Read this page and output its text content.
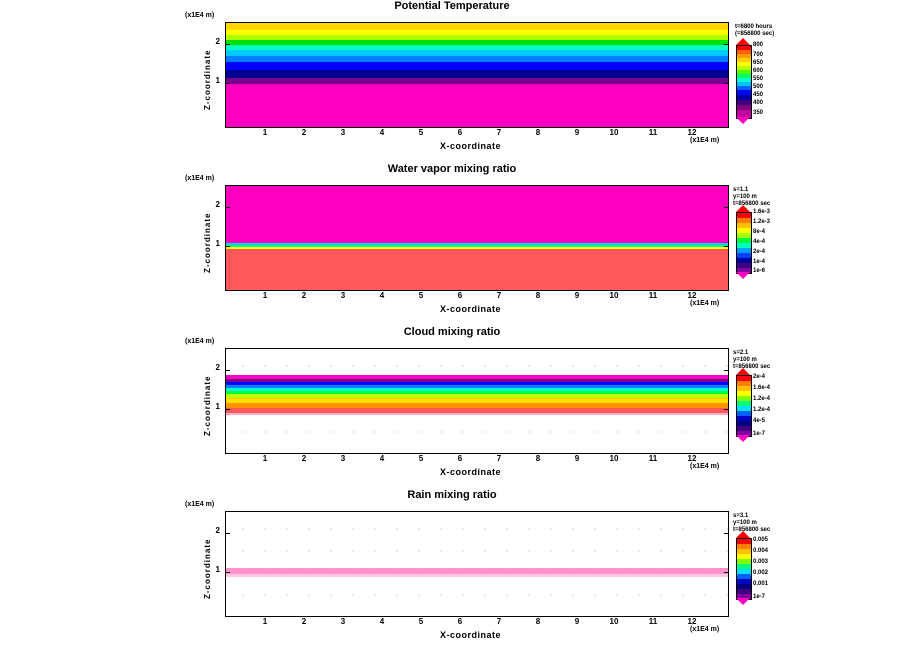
Potential Temperature
(x1E4 m)
Z-coordinate 1
2
1	2	3	4	5	6	7	8	9	10	11	12
(x1E4 m)
X-coordinate
t=6800 hours
(=856800 sec)
800
700
650
600
550
500
450
400
350
Water vapor mixing ratio
(x1E4 m)
Z-coordinate 1
2
1	2	3	4	5	6	7	8	9	10	11	12
(x1E4 m)
X-coordinate
s=1.1
y=100 m
t=856800 sec
1.6e-3
1.2e-3
8e-4
4e-4
2e-4
1e-4
1e-6
Cloud mixing ratio
(x1E4 m)
Z-coordinate 1
2
1	2	3	4	5	6	7	8	9	10	11	12
(x1E4 m)
X-coordinate
s=2.1
y=100 m
t=856800 sec
2e-4
1.6e-4
1.2e-4
1.2e-4
4e-5
1e-7
Rain mixing ratio
(x1E4 m)
Z-coordinate 1
2
1	2	3	4	5	6	7	8	9	10	11	12
(x1E4 m)
X-coordinate
s=3.1
y=100 m
t=856800 sec
0.005
0.004
0.003
0.002
0.001
1e-7
